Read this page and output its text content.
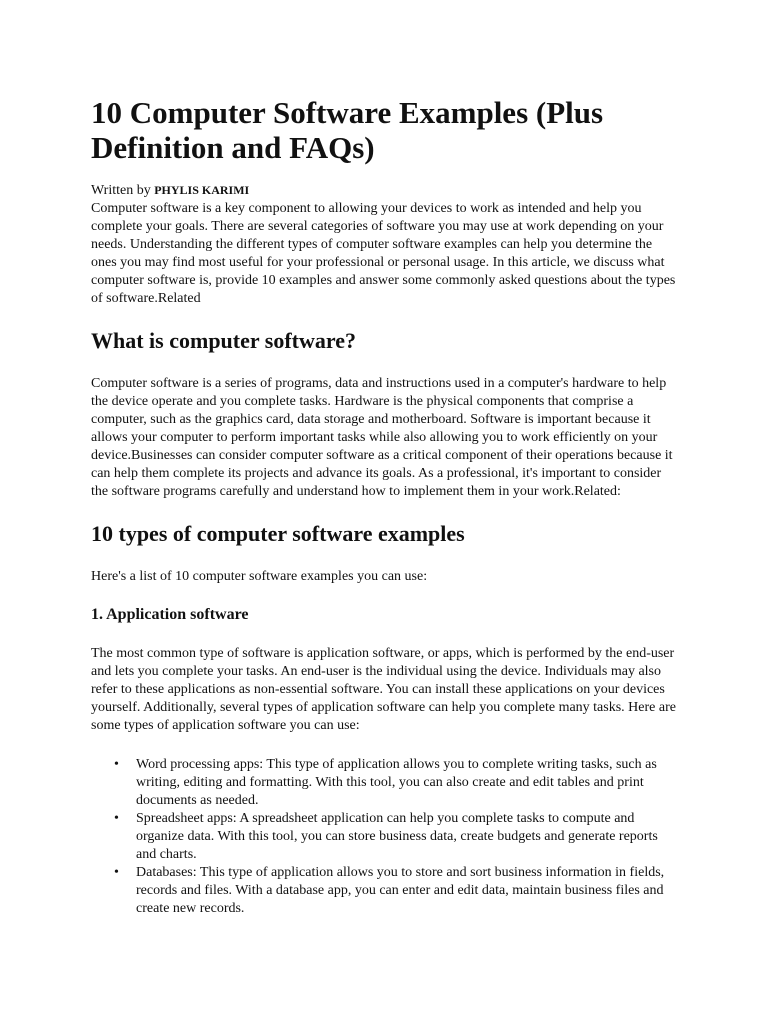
10 Computer Software Examples (Plus Definition and FAQs)
Written by PHYLIS KARIMI

Computer software is a key component to allowing your devices to work as intended and help you complete your goals. There are several categories of software you may use at work depending on your needs. Understanding the different types of computer software examples can help you determine the ones you may find most useful for your professional or personal usage. In this article, we discuss what computer software is, provide 10 examples and answer some commonly asked questions about the types of software.Related

What is computer software?

Computer software is a series of programs, data and instructions used in a computer's hardware to help the device operate and you complete tasks. Hardware is the physical components that comprise a computer, such as the graphics card, data storage and motherboard. Software is important because it allows your computer to perform important tasks while also allowing you to work efficiently on your device.Businesses can consider computer software as a critical component of their operations because it can help them complete its projects and advance its goals. As a professional, it's important to consider the software programs carefully and understand how to implement them in your work.Related:

10 types of computer software examples

Here's a list of 10 computer software examples you can use:

1. Application software

The most common type of software is application software, or apps, which is performed by the end-user and lets you complete your tasks. An end-user is the individual using the device. Individuals may also refer to these applications as non-essential software. You can install these applications on your devices yourself. Additionally, several types of application software can help you complete many tasks. Here are some types of application software you can use:

• Word processing apps: This type of application allows you to complete writing tasks, such as writing, editing and formatting. With this tool, you can also create and edit tables and print documents as needed.
• Spreadsheet apps: A spreadsheet application can help you complete tasks to compute and organize data. With this tool, you can store business data, create budgets and generate reports and charts.
• Databases: This type of application allows you to store and sort business information in fields, records and files. With a database app, you can enter and edit data, maintain business files and create new records.
